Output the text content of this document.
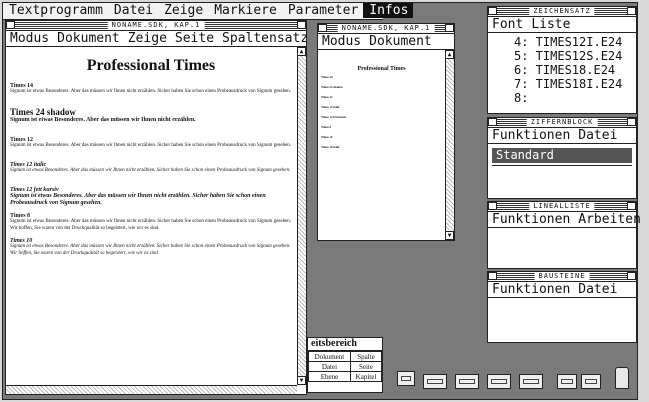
Textprogramm Datei Zeige Markiere Parameter Infos
NONAME.SDK, KAP.1
Modus Dokument Zeige Seite Spaltensatz
▲
▼
Professional Times
Times 14
Signum ist etwas Besonderes. Aber das müssen wir Ihnen nicht erzählen. Sicher haben Sie schon einen Probeausdruck von Signum gesehen.
Times 24 shadow
Signum ist etwas Besonderes. Aber das müssen wir Ihnen nicht erzählen.
Times 12
Signum ist etwas Besonderes. Aber das müssen wir Ihnen nicht erzählen. Sicher haben Sie schon einen Probeausdruck von Signum gesehen.
Times 12 italic
Signum ist etwas Besonderes. Aber das müssen wir Ihnen nicht erzählen. Sicher haben Sie schon einen Probeausdruck von Signum gesehen.
Times 12 fett kursiv
Signum ist etwas Besonderes. Aber das müssen wir Ihnen nicht erzählen. Sicher haben Sie schon einen Probeausdruck von Signum gesehen.
Times 8
Signum ist etwas Besonderes. Aber das müssen wir Ihnen nicht erzählen. Sicher haben Sie schon einen Probeausdruck von Signum gesehen. Wir hoffen, Sie waren von der Druckqualität so begeistert, wie wir es sind.
Times 10
Signum ist etwas Besonderes. Aber das müssen wir Ihnen nicht erzählen. Sicher haben Sie schon einen Probeausdruck von Signum gesehen. Wir hoffen, Sie waren von der Druckqualität so begeistert, wie wir es sind.
NONAME.SDK, KAP.1
Modus Dokument
▲
▼
Professional Times
Times 14
Times 24 shadow
Times 12
Times 12 italic
Times 12 fett kursiv
Times 8
Times 10
Times 10 italic
eitsbereich
Dokument	Spalte
Datei	Seite
Ebene	Kapitel
ZEICHENSATZ
Font Liste
4: TIMES12I.E24
5: TIMES12S.E24
6: TIMES18.E24
7: TIMES18I.E24
8:
ZIFFERNBLOCK
Funktionen Datei
Standard
LINEALLISTE
Funktionen Arbeiten
BAUSTEINE
Funktionen Datei
